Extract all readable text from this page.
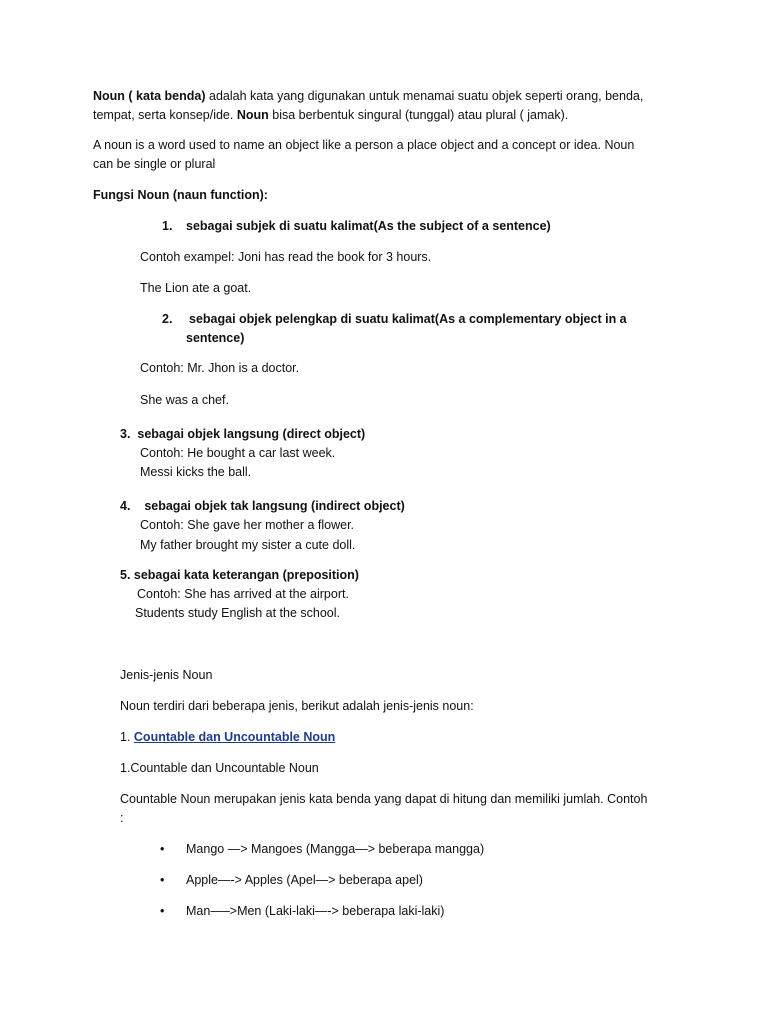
Noun ( kata benda) adalah kata yang digunakan untuk menamai suatu objek seperti orang, benda,
tempat, serta konsep/ide. Noun bisa berbentuk singural (tunggal) atau plural ( jamak).
A noun is a word used to name an object like a person a place object and a concept or idea. Noun
can be single or plural
Fungsi Noun (naun function):
1. sebagai subjek di suatu kalimat(As the subject of a sentence)
Contoh exampel: Joni has read the book for 3 hours.
The Lion ate a goat.
2. sebagai objek pelengkap di suatu kalimat(As a complementary object in a
sentence)
Contoh: Mr. Jhon is a doctor.
She was a chef.
3.  sebagai objek langsung (direct object)
Contoh: He bought a car last week.
Messi kicks the ball.
4.    sebagai objek tak langsung (indirect object)
Contoh: She gave her mother a flower.
My father brought my sister a cute doll.
5. sebagai kata keterangan (preposition)
Contoh: She has arrived at the airport.
Students study English at the school.
Jenis-jenis Noun
Noun terdiri dari beberapa jenis, berikut adalah jenis-jenis noun:
1. Countable dan Uncountable Noun
1.Countable dan Uncountable Noun
Countable Noun merupakan jenis kata benda yang dapat di hitung dan memiliki jumlah. Contoh
:
• Mango —> Mangoes (Mangga—> beberapa mangga)
• Apple—-> Apples (Apel—> beberapa apel)
• Man—–>Men (Laki-laki—-> beberapa laki-laki)
